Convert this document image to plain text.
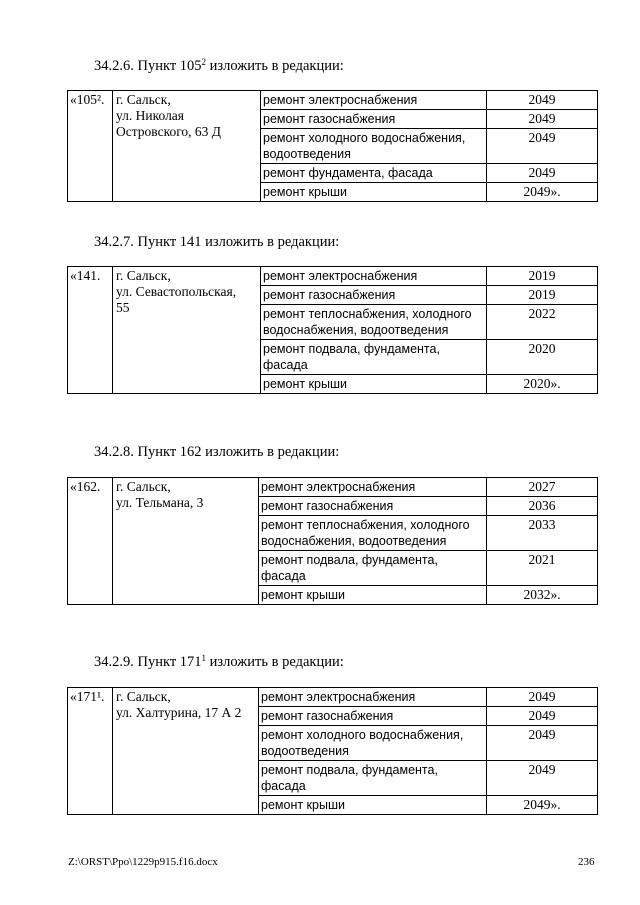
34.2.6. Пункт $105^2$ изложить в редакции:
«105².	г. Сальск,
ул. Николая
Островского, 63 Д	ремонт электроснабжения	2049
		ремонт газоснабжения	2049
		ремонт холодного водоснабжения, водоотведения	2049
		ремонт фундамента, фасада	2049
		ремонт крыши	2049».
34.2.7. Пункт 141 изложить в редакции:
«141.	г. Сальск,
ул. Севастопольская,
55	ремонт электроснабжения	2019
		ремонт газоснабжения	2019
		ремонт теплоснабжения, холодного водоснабжения, водоотведения	2022
		ремонт подвала, фундамента, фасада	2020
		ремонт крыши	2020».
34.2.8. Пункт 162 изложить в редакции:
«162.	г. Сальск,
ул. Тельмана, 3	ремонт электроснабжения	2027
		ремонт газоснабжения	2036
		ремонт теплоснабжения, холодного водоснабжения, водоотведения	2033
		ремонт подвала, фундамента, фасада	2021
		ремонт крыши	2032».
34.2.9. Пункт $171^1$ изложить в редакции:
«171¹.	г. Сальск,
ул. Халтурина, 17 А 2	ремонт электроснабжения	2049
		ремонт газоснабжения	2049
		ремонт холодного водоснабжения, водоотведения	2049
		ремонт подвала, фундамента, фасада	2049
		ремонт крыши	2049».
Z:\ORST\Ppo\1229p915.f16.docx	236
